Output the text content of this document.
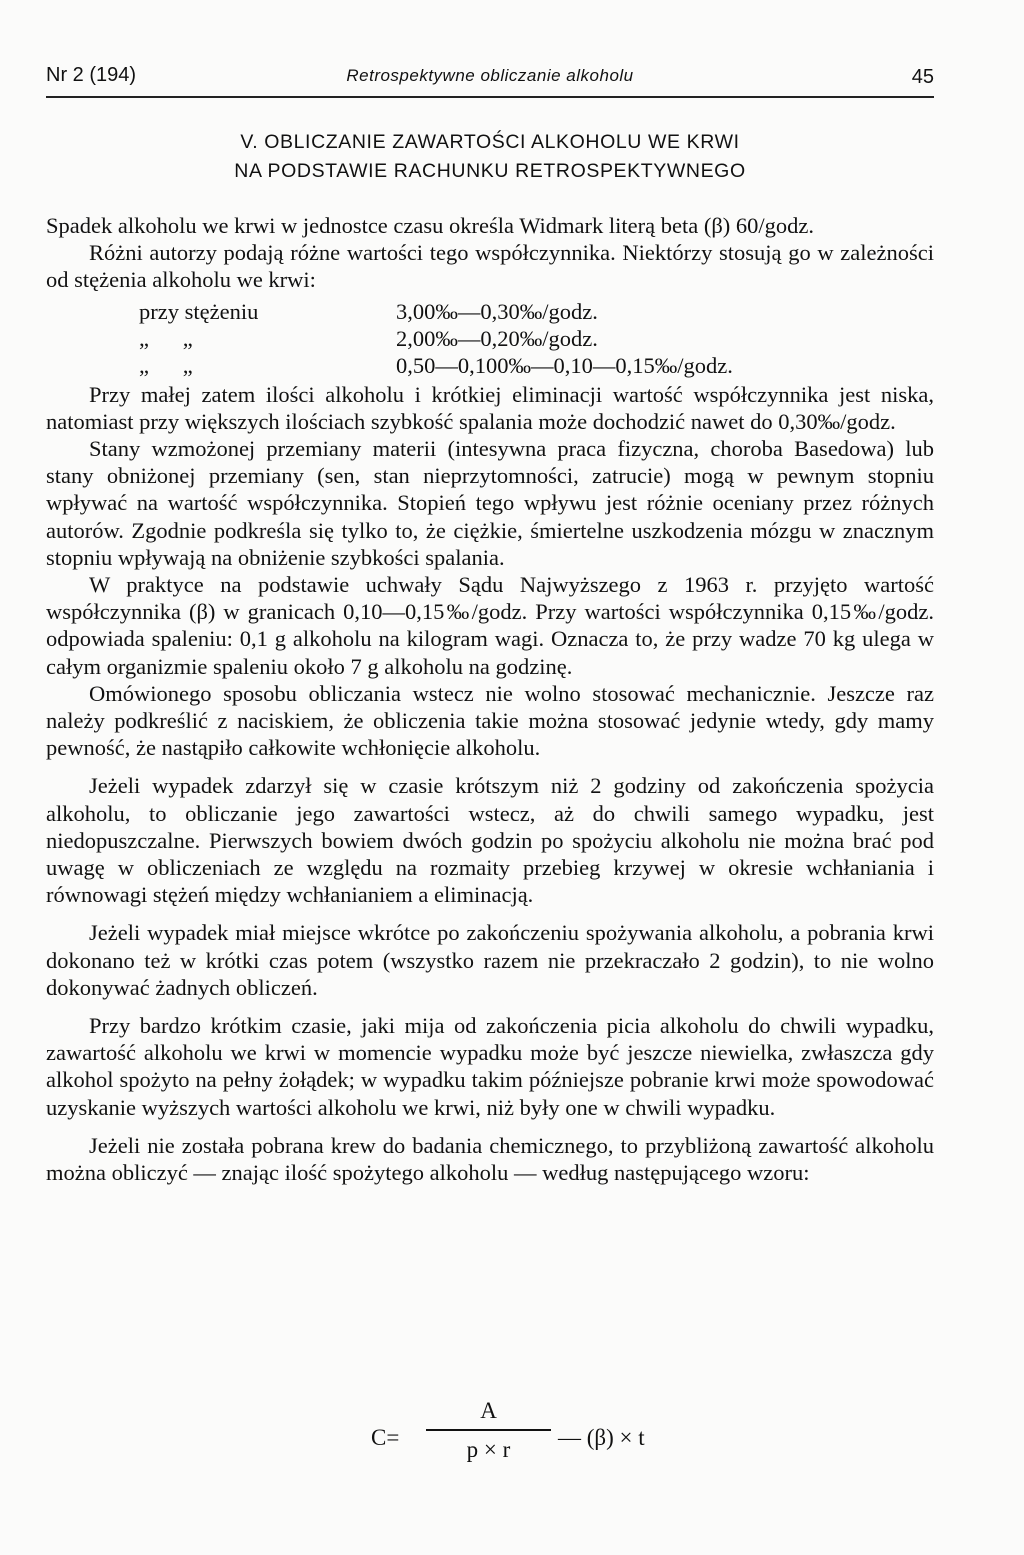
Nr 2 (194)	Retrospektywne obliczanie alkoholu	45
V. OBLICZANIE ZAWARTOŚCI ALKOHOLU WE KRWI
NA PODSTAWIE RACHUNKU RETROSPEKTYWNEGO

Spadek alkoholu we krwi w jednostce czasu określa Widmark literą beta (β) 60/godz.

Różni autorzy podają różne wartości tego współczynnika. Niektórzy stosują go w zależności od stężenia alkoholu we krwi:

przy stężeniu	3,00‰—0,30‰/godz.
„      „	2,00‰—0,20‰/godz.
„      „	0,50—0,100‰—0,10—0,15‰/godz.

Przy małej zatem ilości alkoholu i krótkiej eliminacji wartość współczynnika jest niska, natomiast przy większych ilościach szybkość spalania może dochodzić nawet do 0,30‰/godz.

Stany wzmożonej przemiany materii (intesywna praca fizyczna, choroba Basedowa) lub stany obniżonej przemiany (sen, stan nieprzytomności, zatrucie) mogą w pewnym stopniu wpływać na wartość współczynnika. Stopień tego wpływu jest różnie oceniany przez różnych autorów. Zgodnie podkreśla się tylko to, że ciężkie, śmiertelne uszkodzenia mózgu w znacznym stopniu wpływają na obniżenie szybkości spalania.

W praktyce na podstawie uchwały Sądu Najwyższego z 1963 r. przyjęto wartość współczynnika (β) w granicach 0,10—0,15‰/godz. Przy wartości współczynnika 0,15‰/godz. odpowiada spaleniu: 0,1 g alkoholu na kilogram wagi. Oznacza to, że przy wadze 70 kg ulega w całym organizmie spaleniu około 7 g alkoholu na godzinę.

Omówionego sposobu obliczania wstecz nie wolno stosować mechanicznie. Jeszcze raz należy podkreślić z naciskiem, że obliczenia takie można stosować jedynie wtedy, gdy mamy pewność, że nastąpiło całkowite wchłonięcie alkoholu.

Jeżeli wypadek zdarzył się w czasie krótszym niż 2 godziny od zakończenia spożycia alkoholu, to obliczanie jego zawartości wstecz, aż do chwili samego wypadku, jest niedopuszczalne. Pierwszych bowiem dwóch godzin po spożyciu alkoholu nie można brać pod uwagę w obliczeniach ze względu na rozmaity przebieg krzywej w okresie wchłaniania i równowagi stężeń między wchłanianiem a eliminacją.

Jeżeli wypadek miał miejsce wkrótce po zakończeniu spożywania alkoholu, a pobrania krwi dokonano też w krótki czas potem (wszystko razem nie przekraczało 2 godzin), to nie wolno dokonywać żadnych obliczeń.

Przy bardzo krótkim czasie, jaki mija od zakończenia picia alkoholu do chwili wypadku, zawartość alkoholu we krwi w momencie wypadku może być jeszcze niewielka, zwłaszcza gdy alkohol spożyto na pełny żołądek; w wypadku takim późniejsze pobranie krwi może spowodować uzyskanie wyższych wartości alkoholu we krwi, niż były one w chwili wypadku.

Jeżeli nie została pobrana krew do badania chemicznego, to przybliżoną zawartość alkoholu można obliczyć — znając ilość spożytego alkoholu — według następującego wzoru:

C=
A
p × r	— (β) × t
